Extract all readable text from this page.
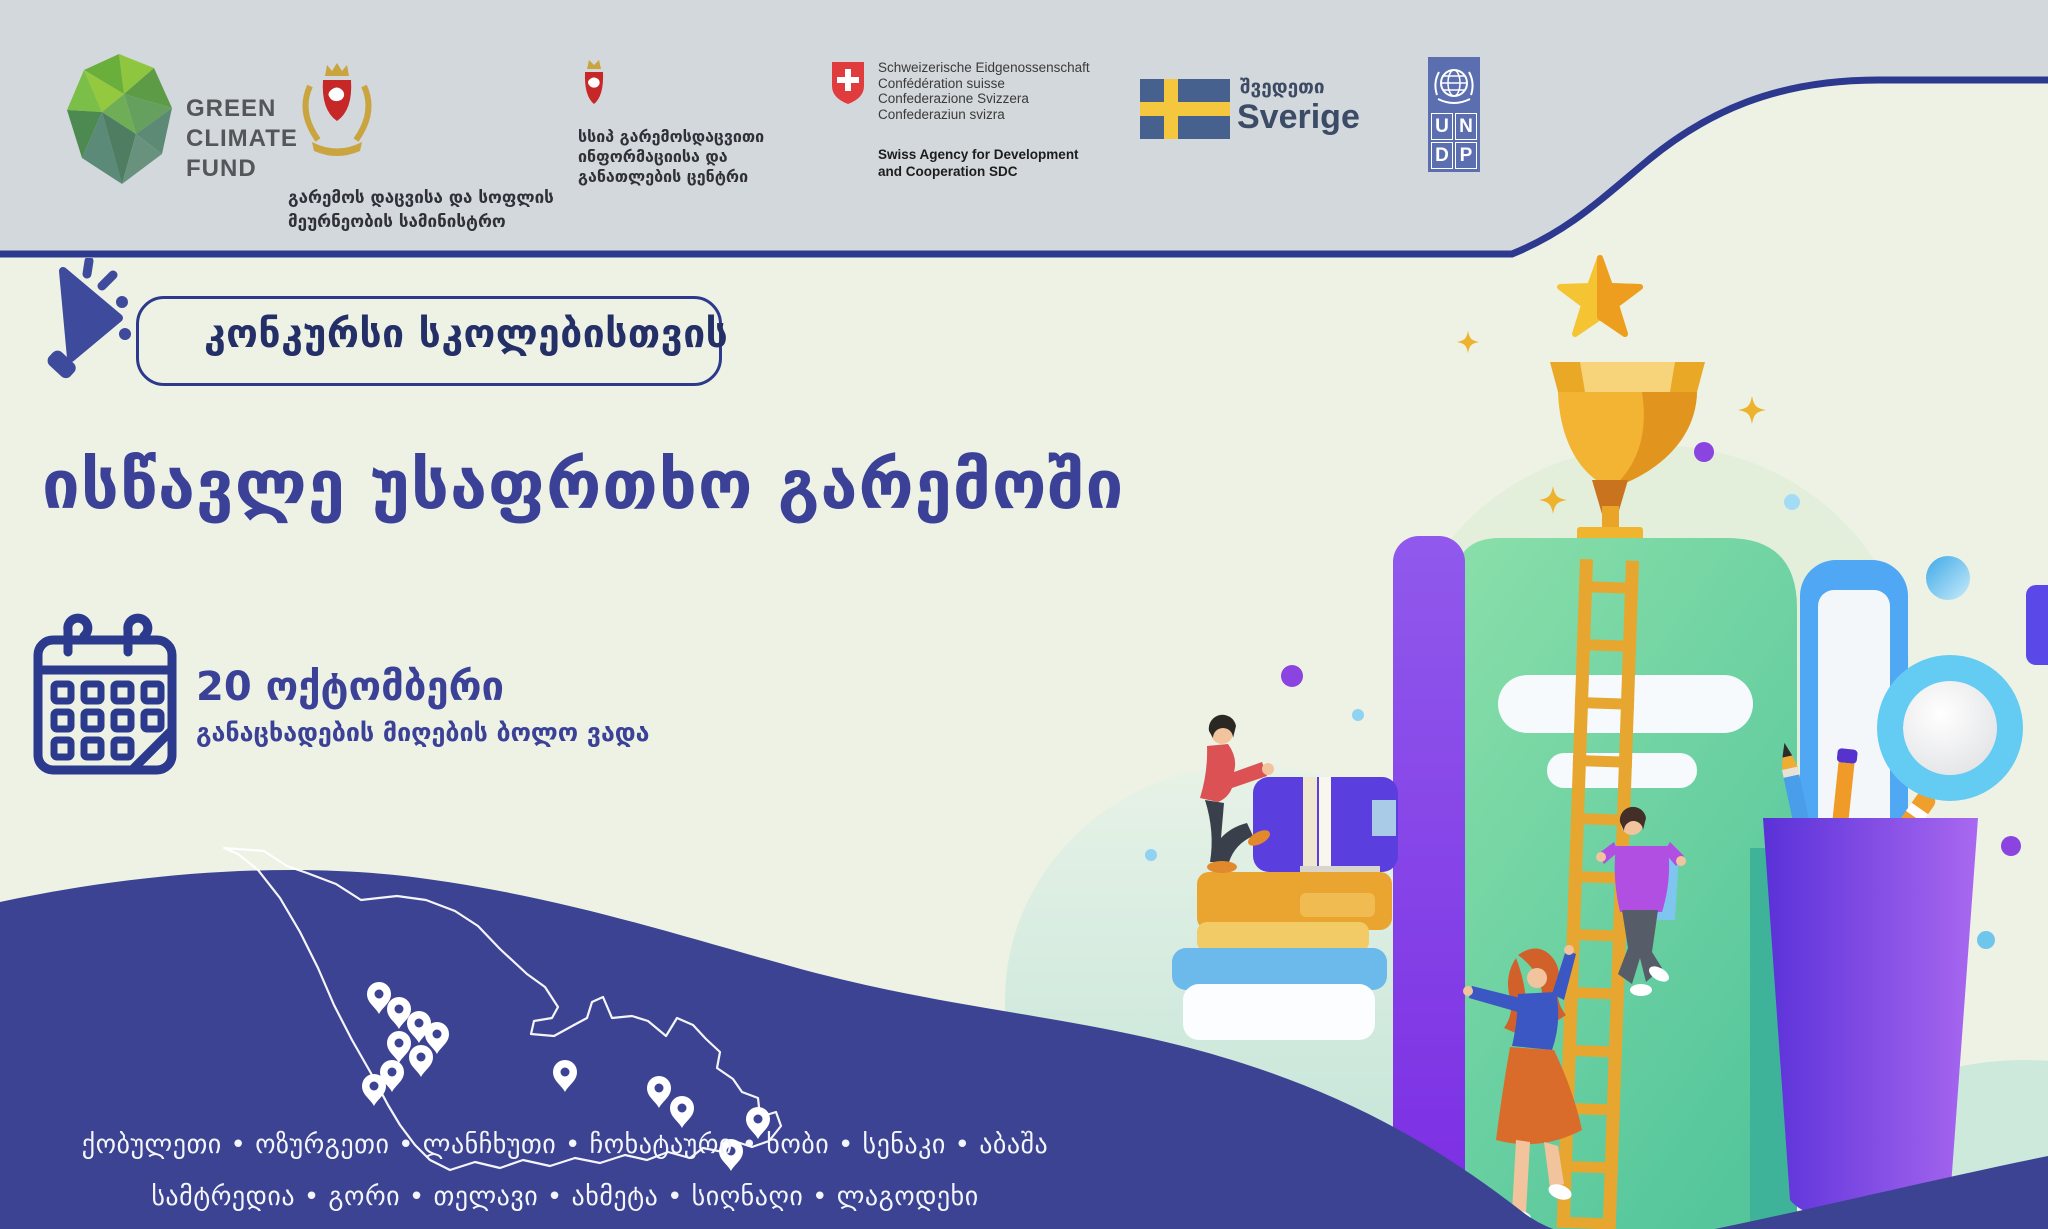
GREEN
CLIMATE
FUND
გარემოს დაცვისა და სოფლის
მეურნეობის სამინისტრო
სსიპ გარემოსდაცვითი
ინფორმაციისა და
განათლების ცენტრი
Schweizerische Eidgenossenschaft
Confédération suisse
Confederazione Svizzera
Confederaziun svizra
Swiss Agency for Development
and Cooperation SDC
შვედეთი
Sverige	U N
D P
კონკურსი სკოლებისთვის
ისწავლე უსაფრთხო გარემოში
20 ოქტომბერი
განაცხადების მიღების ბოლო ვადა
ქობულეთი • ოზურგეთი • ლანჩხუთი • ჩოხატაური • ხობი • სენაკი • აბაშა
სამტრედია • გორი • თელავი • ახმეტა • სიღნაღი • ლაგოდეხი
